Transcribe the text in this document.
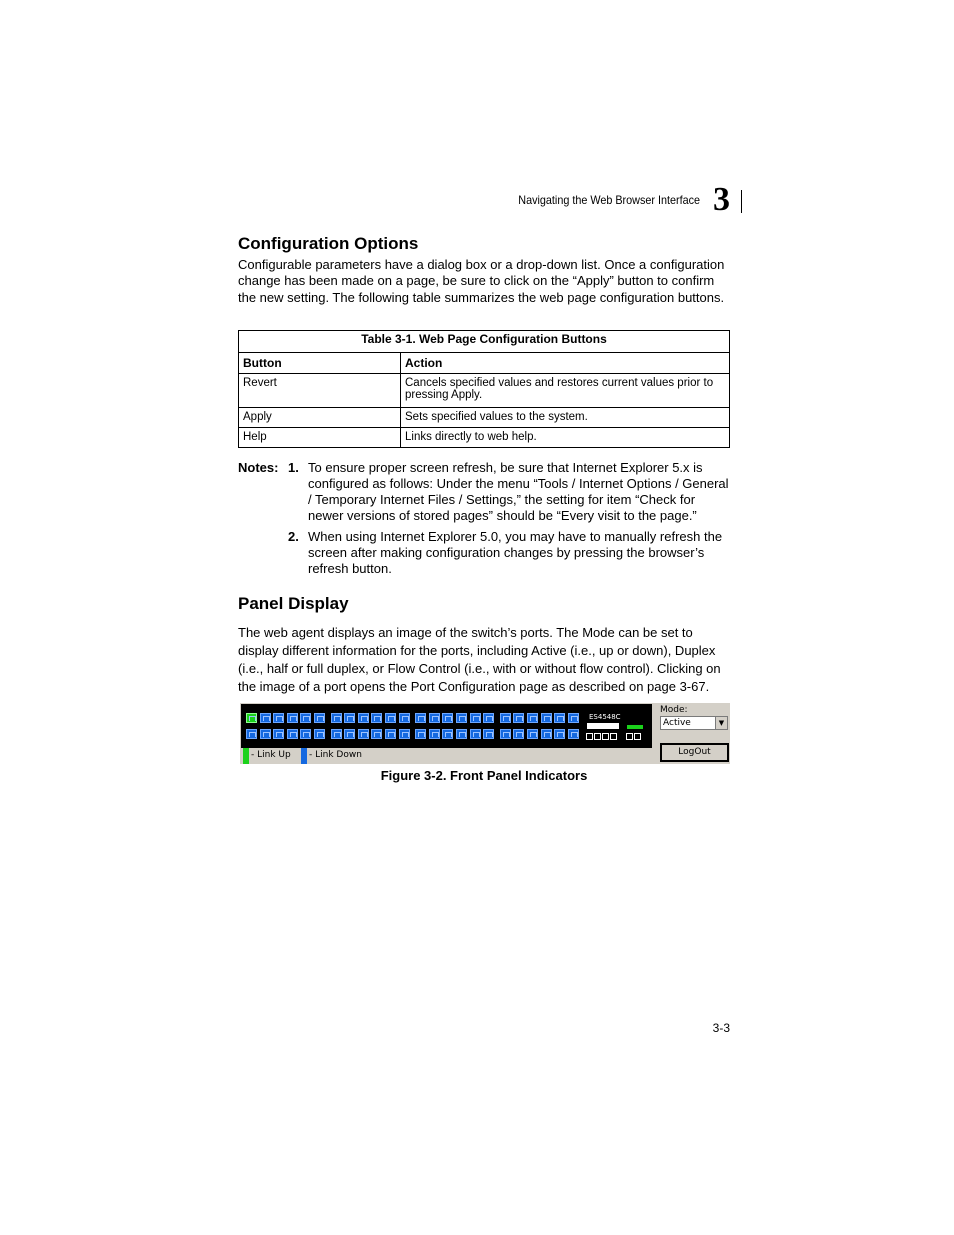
Navigating the Web Browser Interface 3
Configuration Options
Configurable parameters have a dialog box or a drop-down list. Once a configuration change has been made on a page, be sure to click on the “Apply” button to confirm the new setting. The following table summarizes the web page configuration buttons.
Table 3-1. Web Page Configuration Buttons	
Button	Action
Revert	Cancels specified values and restores current values prior to pressing Apply.
Apply	Sets specified values to the system.
Help	Links directly to web help.
Notes: 1. To ensure proper screen refresh, be sure that Internet Explorer 5.x is configured as follows: Under the menu “Tools / Internet Options / General / Temporary Internet Files / Settings,” the setting for item “Check for newer versions of stored pages” should be “Every visit to the page.”
2. When using Internet Explorer 5.0, you may have to manually refresh the screen after making configuration changes by pressing the browser’s refresh button.
Panel Display
The web agent displays an image of the switch’s ports. The Mode can be set to display different information for the ports, including Active (i.e., up or down), Duplex (i.e., half or full duplex, or Flow Control (i.e., with or without flow control). Clicking on the image of a port opens the Port Configuration page as described on page 3-67.
ES4548C
- Link Up - Link Down
Mode:
Active	▼
LogOut
Figure 3-2. Front Panel Indicators
3-3
